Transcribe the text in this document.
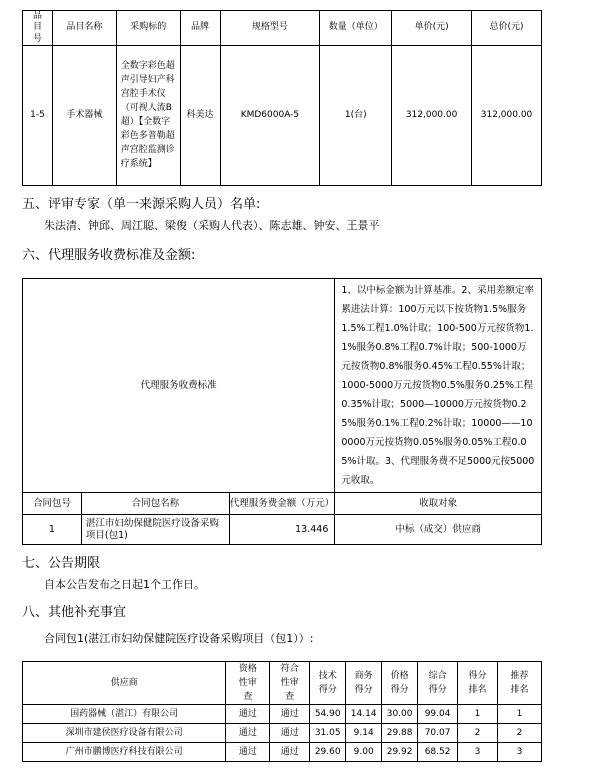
品目号	品目名称	采购标的	品牌	规格型号	数量（单位）	单价(元)	总价(元)
1-5	手术器械	全数字彩色超声引导妇产科宫腔手术仪（可视人流B超）【全数字彩色多普勒超声宫腔监测诊疗系统】	科美达	KMD6000A-5	1(台)	312,000.00	312,000.00
五、评审专家（单一来源采购人员）名单:
朱法清、钟邱、周江聪、梁俊（采购人代表）、陈志雄、钟安、王景平
六、代理服务收费标准及金额:
代理服务收费标准			1、以中标金额为计算基准。2、采用差额定率累进法计算：100万元以下按货物1.5%服务1.5%工程1.0%计取；100-500万元按货物1.1%服务0.8%工程0.7%计取；500-1000万元按货物0.8%服务0.45%工程0.55%计取；1000-5000万元按货物0.5%服务0.25%工程0.35%计取；5000—10000万元按货物0.25%服务0.1%工程0.2%计取；10000——100000万元按货物0.05%服务0.05%工程0.05%计取。3、代理服务费不足5000元按5000元收取。
合同包号	合同包名称	代理服务费金额（万元）	收取对象
1	湛江市妇幼保健院医疗设备采购项目(包1)	13.446	中标（成交）供应商
七、公告期限
自本公告发布之日起1个工作日。
八、其他补充事宜
合同包1(湛江市妇幼保健院医疗设备采购项目（包1））:
供应商	资格性审查	符合性审查	技术得分	商务得分	价格得分	综合得分	得分排名	推荐排名
国药器械（湛江）有限公司	通过	通过	54.90	14.14	30.00	99.04	1	1
深圳市建侯医疗设备有限公司	通过	通过	31.05	9.14	29.88	70.07	2	2
广州市鹏博医疗科技有限公司	通过	通过	29.60	9.00	29.92	68.52	3	3
